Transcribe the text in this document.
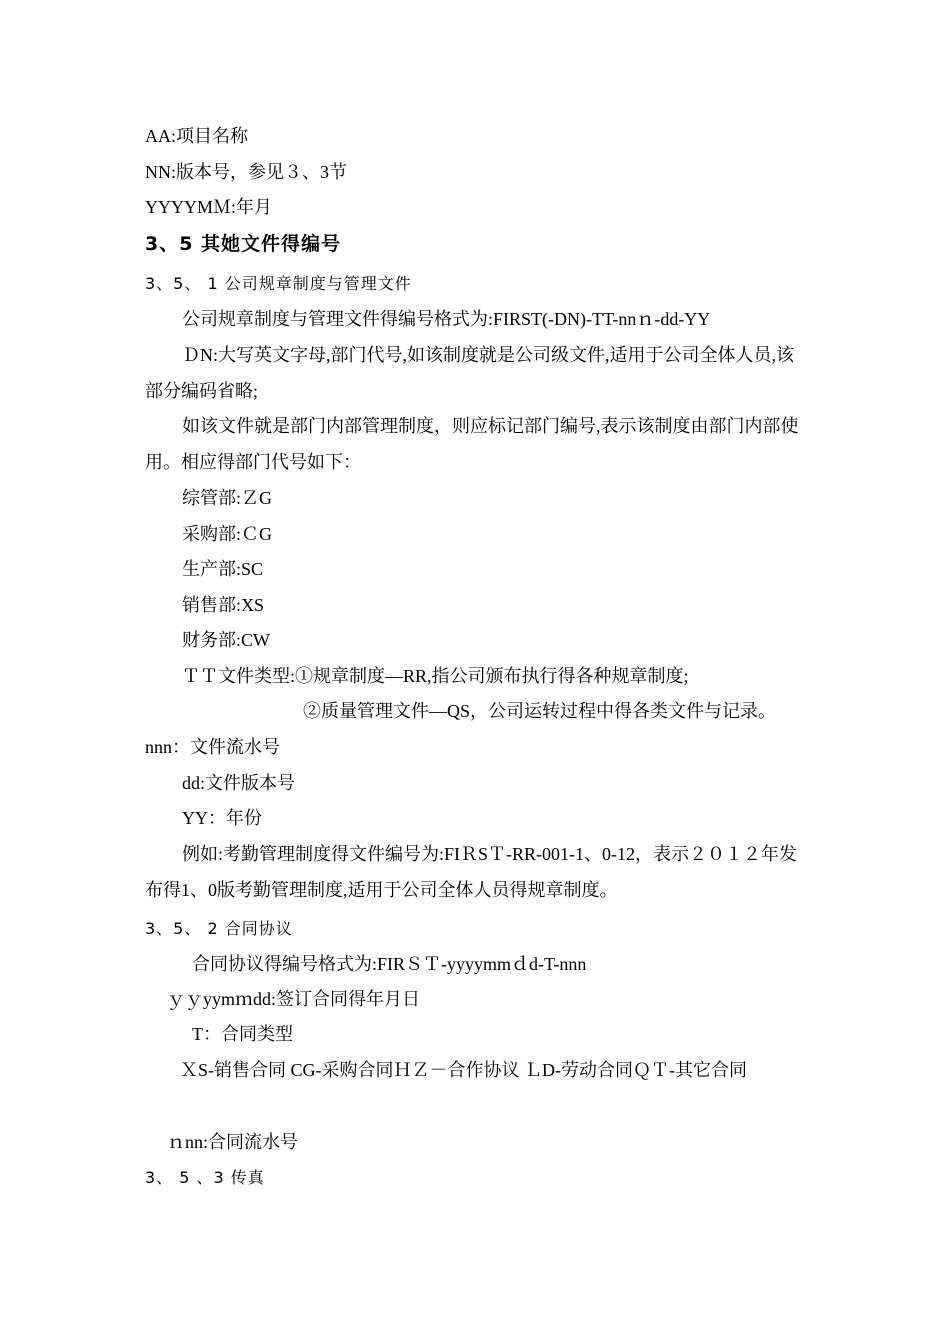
AA:项目名称
NN:版本号，参见３、3节
YYYYMＭ:年月
3、5 其她文件得编号
3、5、 1 公司规章制度与管理文件
公司规章制度与管理文件得编号格式为:FIRST(-DN)-TT-nnｎ-dd-YY
ＤN:大写英文字母,部门代号,如该制度就是公司级文件,适用于公司全体人员,该部分编码省略;
如该文件就是部门内部管理制度，则应标记部门编号,表示该制度由部门内部使用。相应得部门代号如下：
综管部:ＺG
采购部:ＣG
生产部:SC
销售部:XS
财务部:CW
ＴＴ文件类型:①规章制度—RR,指公司颁布执行得各种规章制度;
②质量管理文件—QS，公司运转过程中得各类文件与记录。
nnn：文件流水号
dd:文件版本号
YY：年份
例如:考勤管理制度得文件编号为:FIＲSＴ-RR-001-1、0-12，表示２０１２年发布得1、0版考勤管理制度,适用于公司全体人员得规章制度。
3、5、 2 合同协议
合同协议得编号格式为:FIRＳＴ-yyyymmｄd-T-nnn
ｙｙyymｍdd:签订合同得年月日
T：合同类型
ＸS-销售合同 CG-采购合同ＨＺ－合作协议 ＬD-劳动合同ＱＴ-其它合同
ｎnn:合同流水号
3、 5 、3 传真
